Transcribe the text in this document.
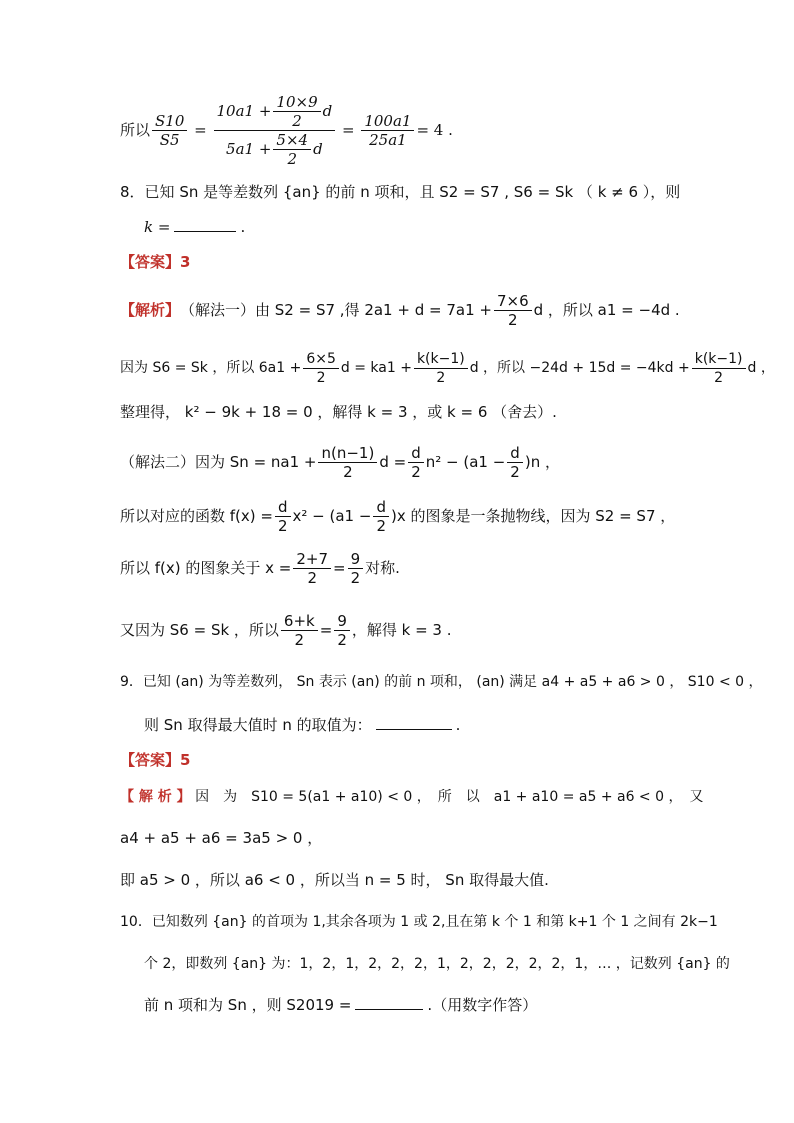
所以 $\frac{S10}{S5} = \frac{10a1 + \frac{10\times 9}{2} d}{5a1 + \frac{5\times 4}{2} d} = \frac{100a1}{25a1} = 4$ .
8．已知 Sn 是等差数列 {an} 的前 n 项和，且 S2 = S7 , S6 = Sk （ k ≠ 6 ），则
k =	.
【答案】3
【解析】 （解法一）由 S2 = S7 ,得 $2a1 + d = 7a1 + \frac{7\times 6}{2}$ d ，所以 a1 = −4d .
因为 S6 = Sk ，所以 $6a1 + \frac{6\times 5}{2}$ $d = ka1 + \frac{k(k-1)}{2}$ d ，所以 $-24d + 15d = -4kd + \frac{k(k-1)}{2}$ d ，
整理得， k² − 9k + 18 = 0 ，解得 k = 3 ，或 k = 6 （舍去）.
（解法二）因为 $Sn = na1 + \frac{n(n-1)}{2}$ $d = \frac{d}{2} n^2 - (a1 - \frac{d}{2} )n$ ，
所以对应的函数 $f(x) = \frac{d}{2} x^2 - (a1 - \frac{d}{2} )x$ 的图象是一条抛物线，因为 S2 = S7 ，
所以 f(x) 的图象关于 $x = \frac{2+7}{2} = \frac{9}{2}$ 对称.
又因为 S6 = Sk ，所以 $\frac{6+k}{2} = \frac{9}{2}$ ，解得 k = 3 .
9．已知 (an) 为等差数列， Sn 表示 (an) 的前 n 项和， (an) 满足 a4 + a5 + a6 > 0 ， S10 < 0 ，
则 Sn 取得最大值时 n 的取值为：	.
【答案】5
【 解 析 】 因　为　S10 = 5(a1 + a10) < 0 ，　所　以　a1 + a10 = a5 + a6 < 0 ，　又
a4 + a5 + a6 = 3a5 > 0 ，
即 a5 > 0 ，所以 a6 < 0 ，所以当 n = 5 时， Sn 取得最大值.
10．已知数列 {an} 的首项为 1,其余各项为 1 或 2,且在第 k 个 1 和第 k+1 个 1 之间有 2k−1
个 2，即数列 {an} 为：1，2，1，2，2，2，1，2，2，2，2，2，1，… ，记数列 {an} 的
前 n 项和为 Sn ，则 S2019 =	.（用数字作答）
